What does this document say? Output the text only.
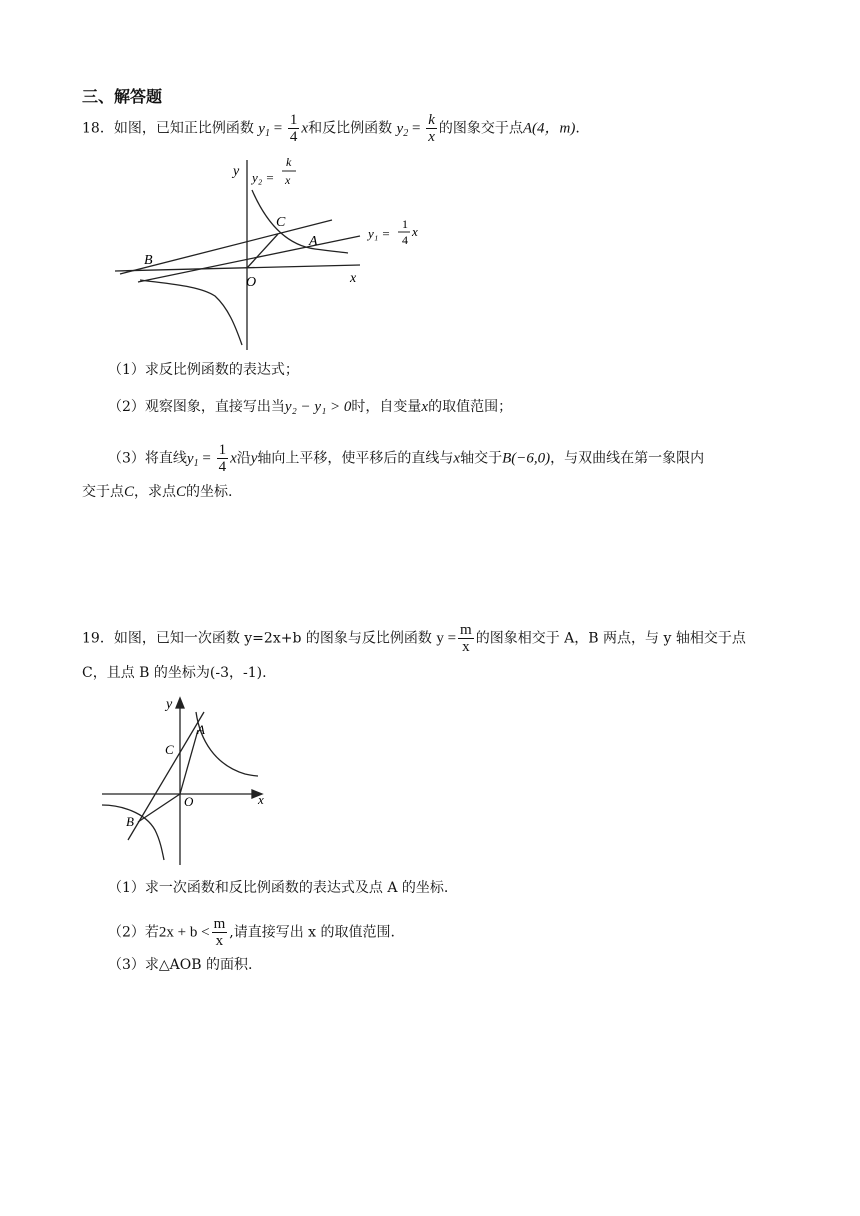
三、解答题
18．如图，已知正比例函数 $y_1 = \frac{1}{4}$ x和反比例函数 $y_2 = \frac{k}{x}$ 的图象交于点A(4，m).
y y₂ =
k
x
C
A
B
O	x
y₁ =
1
4
x
（1）求反比例函数的表达式；
（2）观察图象，直接写出当y₂ − y₁ > 0时，自变量x的取值范围；
（3）将直线$y_1 = \frac{1}{4}$ x沿y轴向上平移，使平移后的直线与x轴交于B(−6,0)，与双曲线在第一象限内
交于点C，求点C的坐标.
19．如图，已知一次函数 y=2x+b 的图象与反比例函数 $y = \frac{m}{x}$ 的图象相交于 A，B 两点，与 y 轴相交于点
C，且点 B 的坐标为(-3，-1).
y
A
C
O	x
B
（1）求一次函数和反比例函数的表达式及点 A 的坐标.
（2）若$2x + b < \frac{m}{x}$ ,请直接写出 x 的取值范围.
（3）求△AOB 的面积.
